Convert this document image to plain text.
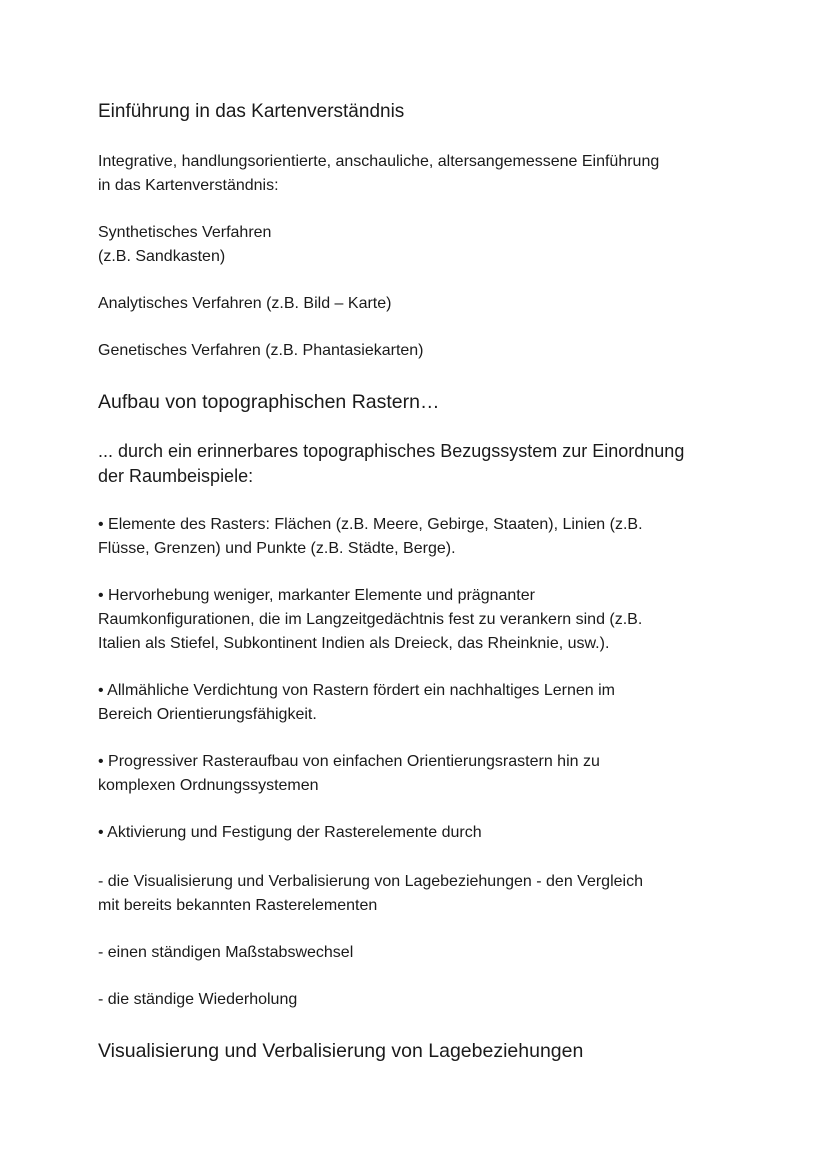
Einführung in das Kartenverständnis

Integrative, handlungsorientierte, anschauliche, altersangemessene Einführung

in das Kartenverständnis:

Synthetisches Verfahren

(z.B. Sandkasten)

Analytisches Verfahren (z.B. Bild – Karte)

Genetisches Verfahren (z.B. Phantasiekarten)

Aufbau von topographischen Rastern…

... durch ein erinnerbares topographisches Bezugssystem zur Einordnung

der Raumbeispiele:

• Elemente des Rasters: Flächen (z.B. Meere, Gebirge, Staaten), Linien (z.B.

Flüsse, Grenzen) und Punkte (z.B. Städte, Berge).

• Hervorhebung weniger, markanter Elemente und prägnanter

Raumkonfigurationen, die im Langzeitgedächtnis fest zu verankern sind (z.B.

Italien als Stiefel, Subkontinent Indien als Dreieck, das Rheinknie, usw.).

• Allmähliche Verdichtung von Rastern fördert ein nachhaltiges Lernen im

Bereich Orientierungsfähigkeit.

• Progressiver Rasteraufbau von einfachen Orientierungsrastern hin zu

komplexen Ordnungssystemen

• Aktivierung und Festigung der Rasterelemente durch

- die Visualisierung und Verbalisierung von Lagebeziehungen - den Vergleich

mit bereits bekannten Rasterelementen

- einen ständigen Maßstabswechsel

- die ständige Wiederholung

Visualisierung und Verbalisierung von Lagebeziehungen
